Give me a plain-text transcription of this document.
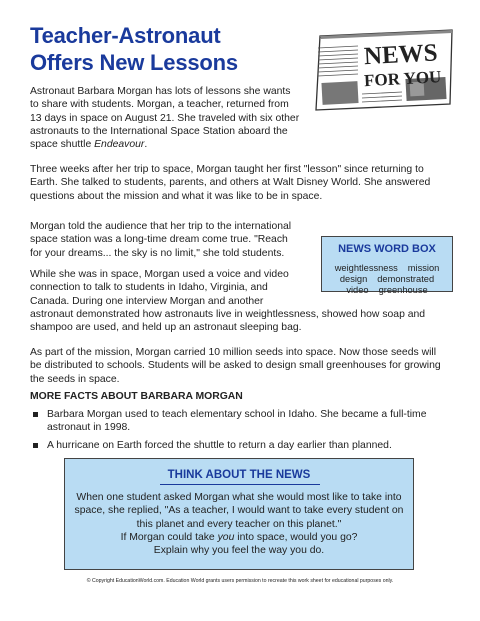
Teacher-Astronaut
Offers New Lessons	NEWS
FOR YOU

Astronaut Barbara Morgan has lots of lessons she wants to share with students. Morgan, a teacher, returned from 13 days in space on August 21. She traveled with six other astronauts to the International Space Station aboard the space shuttle Endeavour.

Three weeks after her trip to space, Morgan taught her first "lesson" since returning to Earth. She talked to students, parents, and others at Walt Disney World. She answered questions about the mission and what it was like to be in space.

Morgan told the audience that her trip to the international space station was a long-time dream come true. "Reach for your dreams... the sky is no limit," she told students.	NEWS WORD BOX
weightlessness mission
design demonstrated
video greenhouse

While she was in space, Morgan used a voice and video connection to talk to students in Idaho, Virginia, and Canada. During one interview Morgan and another

astronaut demonstrated how astronauts live in weightlessness, showed how soap and shampoo are used, and held up an astronaut sleeping bag.

As part of the mission, Morgan carried 10 million seeds into space. Now those seeds will be distributed to schools. Students will be asked to design small greenhouses for growing the seeds in space.

MORE FACTS ABOUT BARBARA MORGAN
Barbara Morgan used to teach elementary school in Idaho. She became a full-time astronaut in 1998.
A hurricane on Earth forced the shuttle to return a day earlier than planned.
THINK ABOUT THE NEWS

When one student asked Morgan what she would most like to take into space, she replied, "As a teacher, I would want to take every student on this planet and every teacher on this planet."
If Morgan could take you into space, would you go?
Explain why you feel the way you do.

© Copyright EducationWorld.com. Education World grants users permission to recreate this work sheet for educational purposes only.
